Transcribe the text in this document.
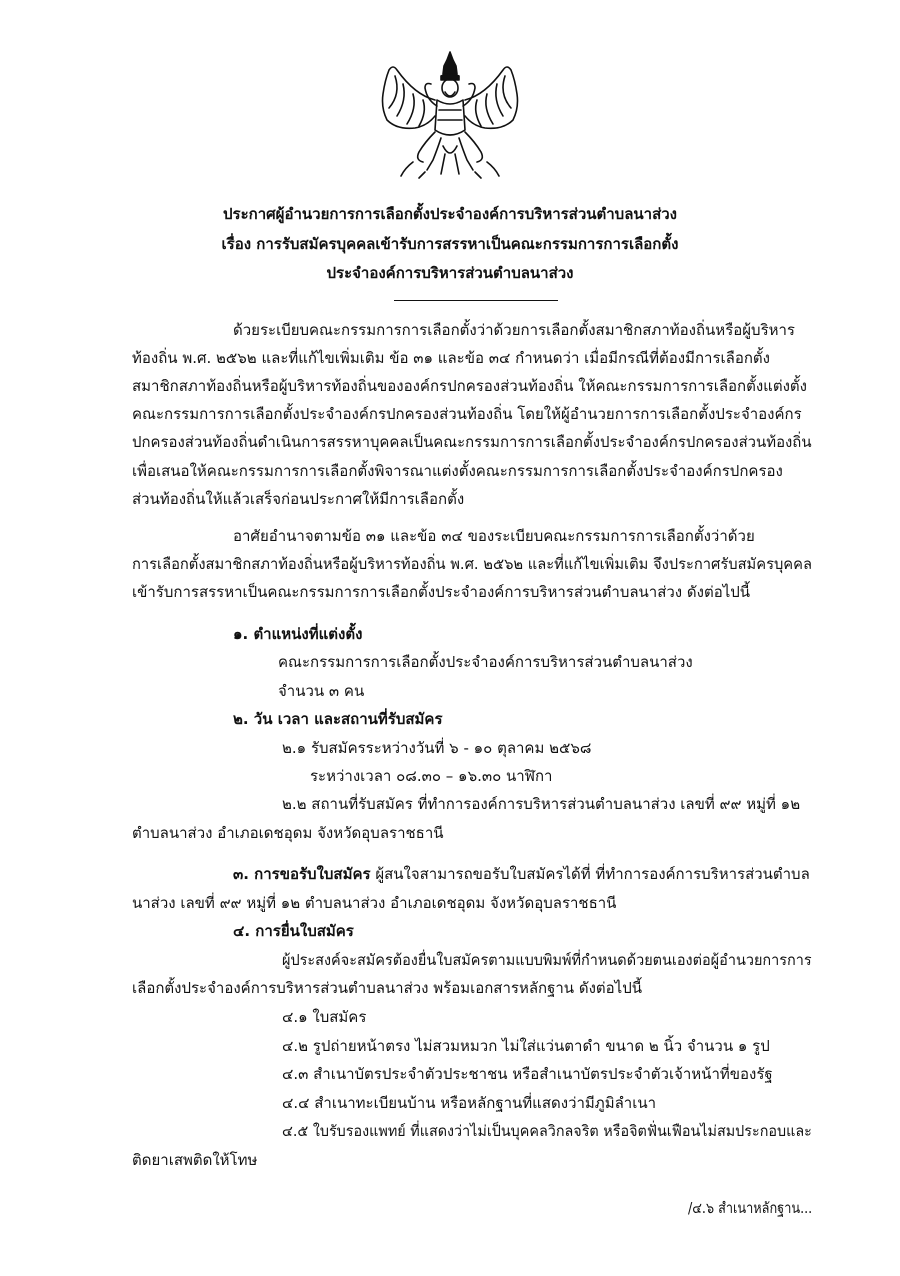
ประกาศผู้อำนวยการการเลือกตั้งประจำองค์การบริหารส่วนตำบลนาส่วง
เรื่อง การรับสมัครบุคคลเข้ารับการสรรหาเป็นคณะกรรมการการเลือกตั้ง
ประจำองค์การบริหารส่วนตำบลนาส่วง
ด้วยระเบียบคณะกรรมการการเลือกตั้งว่าด้วยการเลือกตั้งสมาชิกสภาท้องถิ่นหรือผู้บริหาร
ท้องถิ่น พ.ศ. ๒๕๖๒ และที่แก้ไขเพิ่มเติม ข้อ ๓๑ และข้อ ๓๔ กำหนดว่า เมื่อมีกรณีที่ต้องมีการเลือกตั้ง
สมาชิกสภาท้องถิ่นหรือผู้บริหารท้องถิ่นขององค์กรปกครองส่วนท้องถิ่น ให้คณะกรรมการการเลือกตั้งแต่งตั้ง
คณะกรรมการการเลือกตั้งประจำองค์กรปกครองส่วนท้องถิ่น โดยให้ผู้อำนวยการการเลือกตั้งประจำองค์กร
ปกครองส่วนท้องถิ่นดำเนินการสรรหาบุคคลเป็นคณะกรรมการการเลือกตั้งประจำองค์กรปกครองส่วนท้องถิ่น
เพื่อเสนอให้คณะกรรมการการเลือกตั้งพิจารณาแต่งตั้งคณะกรรมการการเลือกตั้งประจำองค์กรปกครอง
ส่วนท้องถิ่นให้แล้วเสร็จก่อนประกาศให้มีการเลือกตั้ง
อาศัยอำนาจตามข้อ ๓๑ และข้อ ๓๔ ของระเบียบคณะกรรมการการเลือกตั้งว่าด้วย
การเลือกตั้งสมาชิกสภาท้องถิ่นหรือผู้บริหารท้องถิ่น พ.ศ. ๒๕๖๒ และที่แก้ไขเพิ่มเติม จึงประกาศรับสมัครบุคคล
เข้ารับการสรรหาเป็นคณะกรรมการการเลือกตั้งประจำองค์การบริหารส่วนตำบลนาส่วง ดังต่อไปนี้
๑. ตำแหน่งที่แต่งตั้ง
คณะกรรมการการเลือกตั้งประจำองค์การบริหารส่วนตำบลนาส่วง
จำนวน ๓ คน
๒. วัน เวลา และสถานที่รับสมัคร
๒.๑ รับสมัครระหว่างวันที่ ๖ - ๑๐ ตุลาคม ๒๕๖๘
ระหว่างเวลา ๐๘.๓๐ – ๑๖.๓๐ นาฬิกา
๒.๒ สถานที่รับสมัคร ที่ทำการองค์การบริหารส่วนตำบลนาส่วง เลขที่ ๙๙ หมู่ที่ ๑๒
ตำบลนาส่วง อำเภอเดชอุดม จังหวัดอุบลราชธานี
๓. การขอรับใบสมัคร ผู้สนใจสามารถขอรับใบสมัครได้ที่ ที่ทำการองค์การบริหารส่วนตำบล
นาส่วง เลขที่ ๙๙ หมู่ที่ ๑๒ ตำบลนาส่วง อำเภอเดชอุดม จังหวัดอุบลราชธานี
๔. การยื่นใบสมัคร
ผู้ประสงค์จะสมัครต้องยื่นใบสมัครตามแบบพิมพ์ที่กำหนดด้วยตนเองต่อผู้อำนวยการการ
เลือกตั้งประจำองค์การบริหารส่วนตำบลนาส่วง พร้อมเอกสารหลักฐาน ดังต่อไปนี้
๔.๑ ใบสมัคร
๔.๒ รูปถ่ายหน้าตรง ไม่สวมหมวก ไม่ใส่แว่นตาดำ ขนาด ๒ นิ้ว จำนวน ๑ รูป
๔.๓ สำเนาบัตรประจำตัวประชาชน หรือสำเนาบัตรประจำตัวเจ้าหน้าที่ของรัฐ
๔.๔ สำเนาทะเบียนบ้าน หรือหลักฐานที่แสดงว่ามีภูมิลำเนา
๔.๕ ใบรับรองแพทย์ ที่แสดงว่าไม่เป็นบุคคลวิกลจริต หรือจิตฟั่นเฟือนไม่สมประกอบและ
ติดยาเสพติดให้โทษ
/๔.๖ สำเนาหลักฐาน...
